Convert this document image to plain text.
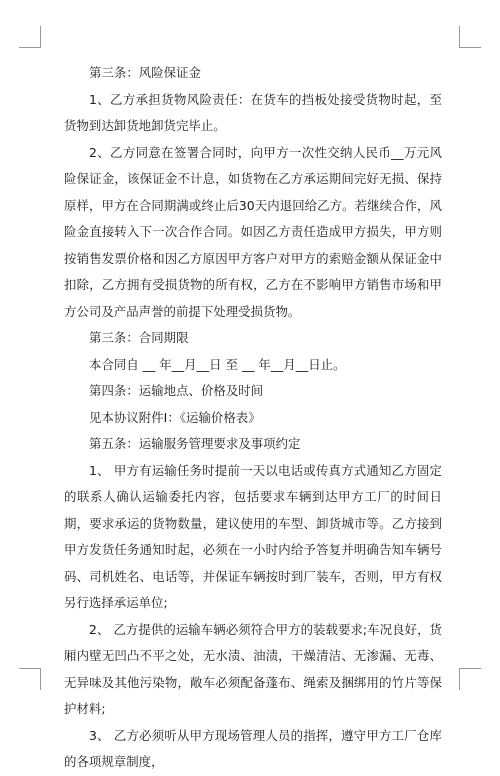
第三条：风险保证金

1、乙方承担货物风险责任：在货车的挡板处接受货物时起，至货物到达卸货地卸货完毕止。

2、乙方同意在签署合同时，向甲方一次性交纳人民币__万元风险保证金，该保证金不计息，如货物在乙方承运期间完好无损、保持原样，甲方在合同期满或终止后30天内退回给乙方。若继续合作，风险金直接转入下一次合作合同。如因乙方责任造成甲方损失，甲方则按销售发票价格和因乙方原因甲方客户对甲方的索赔金额从保证金中扣除，乙方拥有受损货物的所有权，乙方在不影响甲方销售市场和甲方公司及产品声誉的前提下处理受损货物。

第三条：合同期限

本合同自 __ 年__月__日 至 __ 年__月__日止。

第四条：运输地点、价格及时间

见本协议附件Ⅰ：《运输价格表》

第五条：运输服务管理要求及事项约定

1、 甲方有运输任务时提前一天以电话或传真方式通知乙方固定的联系人确认运输委托内容，包括要求车辆到达甲方工厂的时间日期，要求承运的货物数量，建议使用的车型、卸货城市等。乙方接到甲方发货任务通知时起，必须在一小时内给予答复并明确告知车辆号码、司机姓名、电话等，并保证车辆按时到厂装车，否则，甲方有权另行选择承运单位;

2、 乙方提供的运输车辆必须符合甲方的装载要求;车况良好，货厢内壁无凹凸不平之处，无水渍、油渍，干燥清洁、无渗漏、无毒、无异味及其他污染物，敞车必须配备蓬布、绳索及捆绑用的竹片等保护材料;

3、 乙方必须听从甲方现场管理人员的指挥，遵守甲方工厂仓库的各项规章制度，
